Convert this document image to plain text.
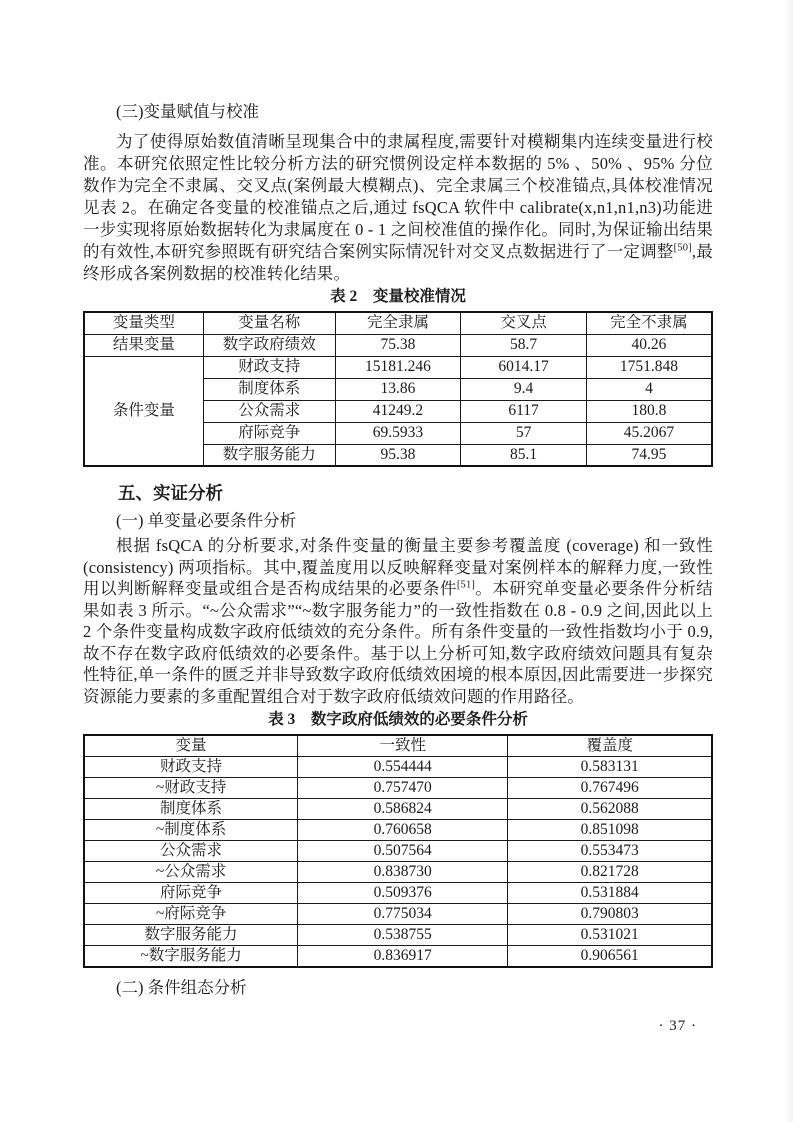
(三)变量赋值与校准

为了使得原始数值清晰呈现集合中的隶属程度,需要针对模糊集内连续变量进行校准。本研究依照定性比较分析方法的研究惯例设定样本数据的 5% 、50% 、95% 分位数作为完全不隶属、交叉点(案例最大模糊点)、完全隶属三个校准锚点,具体校准情况见表 2。在确定各变量的校准锚点之后,通过 fsQCA 软件中 calibrate(x,n1,n1,n3)功能进一步实现将原始数据转化为隶属度在 0 - 1 之间校准值的操作化。同时,为保证输出结果的有效性,本研究参照既有研究结合案例实际情况针对交叉点数据进行了一定调整[50],最终形成各案例数据的校准转化结果。

表 2 变量校准情况
变量类型	变量名称	完全隶属	交叉点	完全不隶属
结果变量	数字政府绩效	75.38	58.7	40.26
条件变量	财政支持	15181.246	6014.17	1751.848
	制度体系	13.86	9.4	4
	公众需求	41249.2	6117	180.8
	府际竞争	69.5933	57	45.2067
	数字服务能力	95.38	85.1	74.95
五、实证分析
(一) 单变量必要条件分析

根据 fsQCA 的分析要求,对条件变量的衡量主要参考覆盖度 (coverage) 和一致性 (consistency) 两项指标。其中,覆盖度用以反映解释变量对案例样本的解释力度,一致性用以判断解释变量或组合是否构成结果的必要条件[51]。本研究单变量必要条件分析结果如表 3 所示。“~公众需求”“~数字服务能力”的一致性指数在 0.8 - 0.9 之间,因此以上 2 个条件变量构成数字政府低绩效的充分条件。所有条件变量的一致性指数均小于 0.9,故不存在数字政府低绩效的必要条件。基于以上分析可知,数字政府绩效问题具有复杂性特征,单一条件的匮乏并非导致数字政府低绩效困境的根本原因,因此需要进一步探究资源能力要素的多重配置组合对于数字政府低绩效问题的作用路径。

表 3 数字政府低绩效的必要条件分析
变量	一致性	覆盖度
财政支持	0.554444	0.583131
~财政支持	0.757470	0.767496
制度体系	0.586824	0.562088
~制度体系	0.760658	0.851098
公众需求	0.507564	0.553473
~公众需求	0.838730	0.821728
府际竞争	0.509376	0.531884
~府际竞争	0.775034	0.790803
数字服务能力	0.538755	0.531021
~数字服务能力	0.836917	0.906561
(二) 条件组态分析
· 37 ·
